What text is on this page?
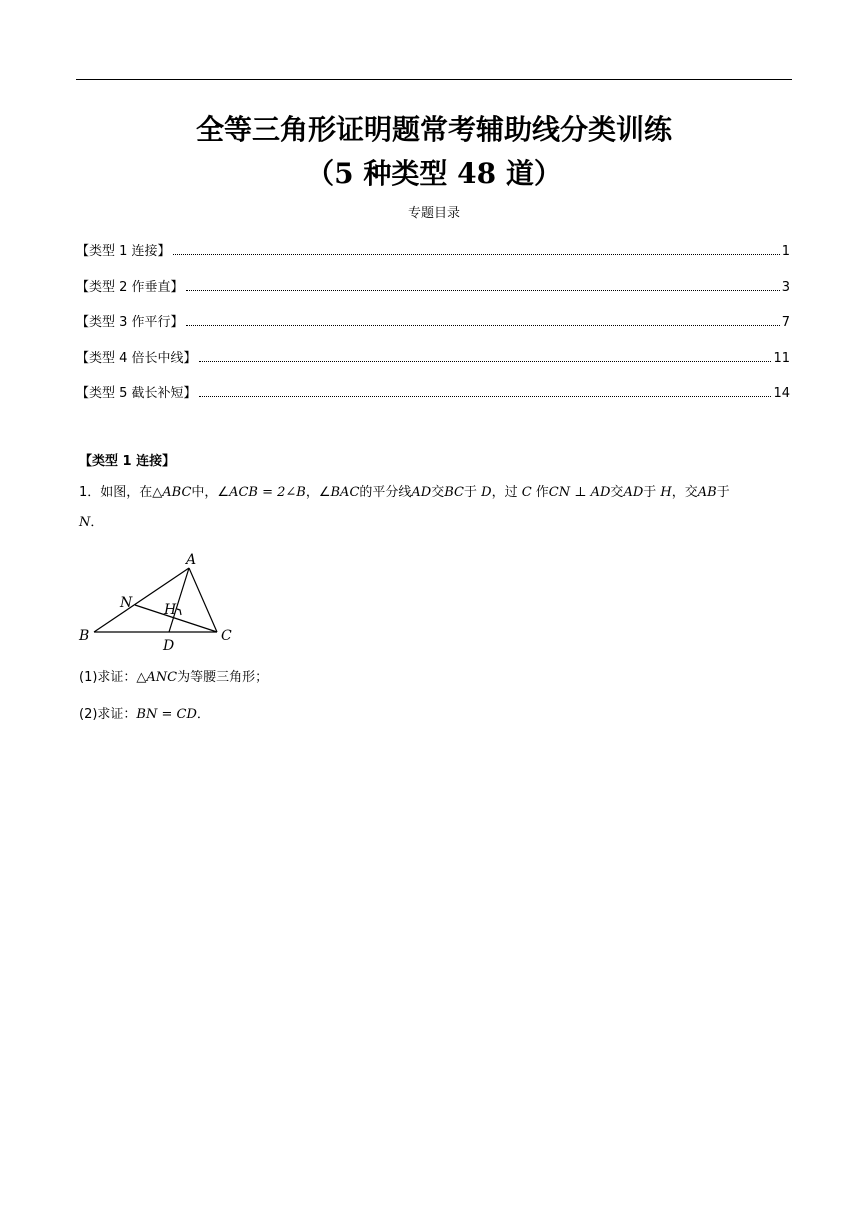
全等三角形证明题常考辅助线分类训练
（5 种类型 48 道）
专题目录
【类型 1 连接】	1
【类型 2 作垂直】	3
【类型 3 作平行】	7
【类型 4 倍长中线】	11
【类型 5 截长补短】	14
【类型 1 连接】
1．如图，在△ABC中，∠ACB = 2∠B，∠BAC的平分线AD交BC于 D，过 C 作CN ⊥ AD交AD于 H，交AB于
N．
A
B	C
D
N H
(1)求证：△ANC为等腰三角形；
(2)求证：BN = CD．
